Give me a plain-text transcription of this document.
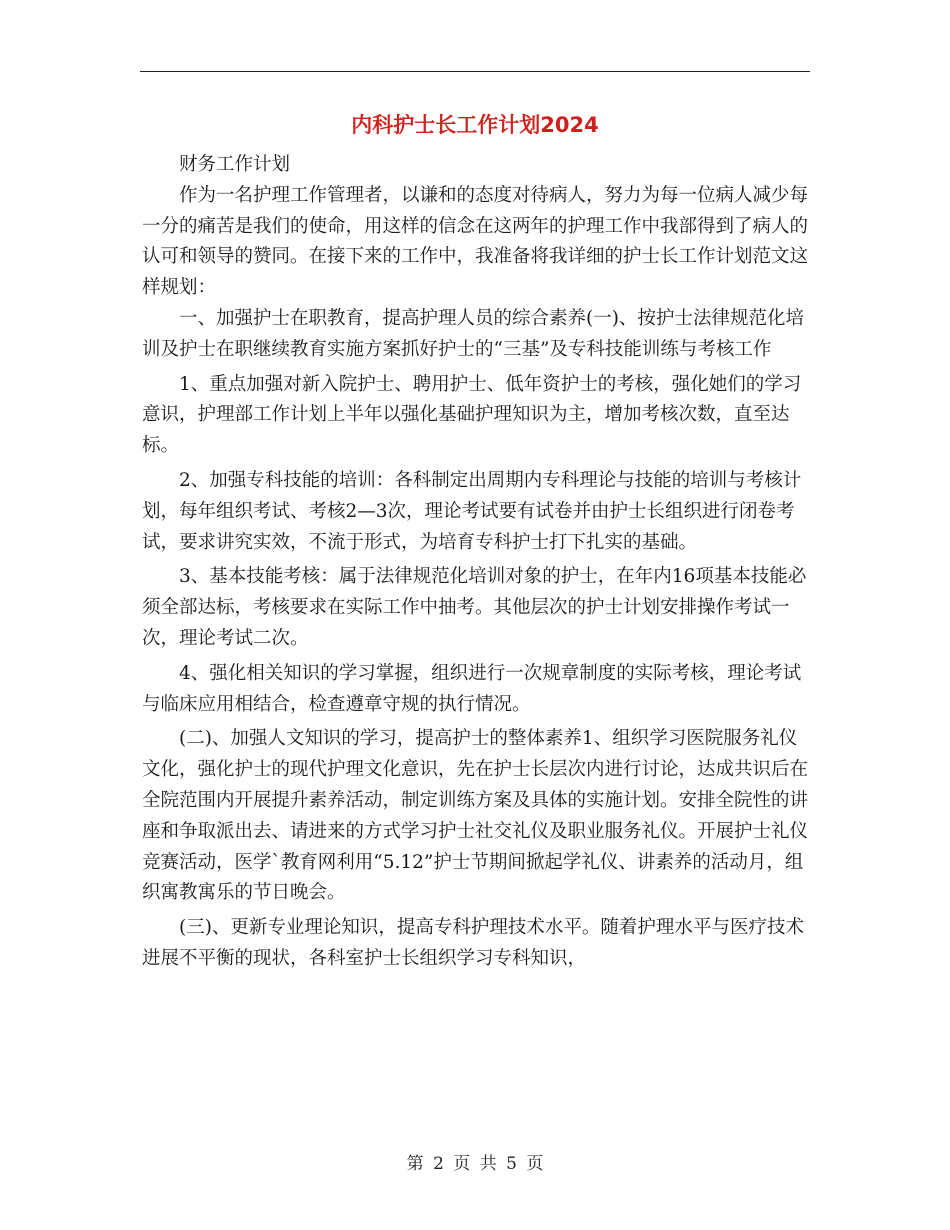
内科护士长工作计划2024

财务工作计划

作为一名护理工作管理者，以谦和的态度对待病人，努力为每一位病人减少每一分的痛苦是我们的使命，用这样的信念在这两年的护理工作中我部得到了病人的认可和领导的赞同。在接下来的工作中，我准备将我详细的护士长工作计划范文这样规划：

一、加强护士在职教育，提高护理人员的综合素养(一)、按护士法律规范化培训及护士在职继续教育实施方案抓好护士的“三基”及专科技能训练与考核工作

1、重点加强对新入院护士、聘用护士、低年资护士的考核，强化她们的学习意识，护理部工作计划上半年以强化基础护理知识为主，增加考核次数，直至达标。

2、加强专科技能的培训：各科制定出周期内专科理论与技能的培训与考核计划，每年组织考试、考核2—3次，理论考试要有试卷并由护士长组织进行闭卷考试，要求讲究实效，不流于形式，为培育专科护士打下扎实的基础。

3、基本技能考核：属于法律规范化培训对象的护士，在年内16项基本技能必须全部达标，考核要求在实际工作中抽考。其他层次的护士计划安排操作考试一次，理论考试二次。

4、强化相关知识的学习掌握，组织进行一次规章制度的实际考核，理论考试与临床应用相结合，检查遵章守规的执行情况。

(二)、加强人文知识的学习，提高护士的整体素养1、组织学习医院服务礼仪文化，强化护士的现代护理文化意识，先在护士长层次内进行讨论，达成共识后在全院范围内开展提升素养活动，制定训练方案及具体的实施计划。安排全院性的讲座和争取派出去、请进来的方式学习护士社交礼仪及职业服务礼仪。开展护士礼仪竞赛活动，医学`教育网利用“5.12”护士节期间掀起学礼仪、讲素养的活动月，组织寓教寓乐的节日晚会。

(三)、更新专业理论知识，提高专科护理技术水平。随着护理水平与医疗技术进展不平衡的现状，各科室护士长组织学习专科知识，

第 2 页 共 5 页
